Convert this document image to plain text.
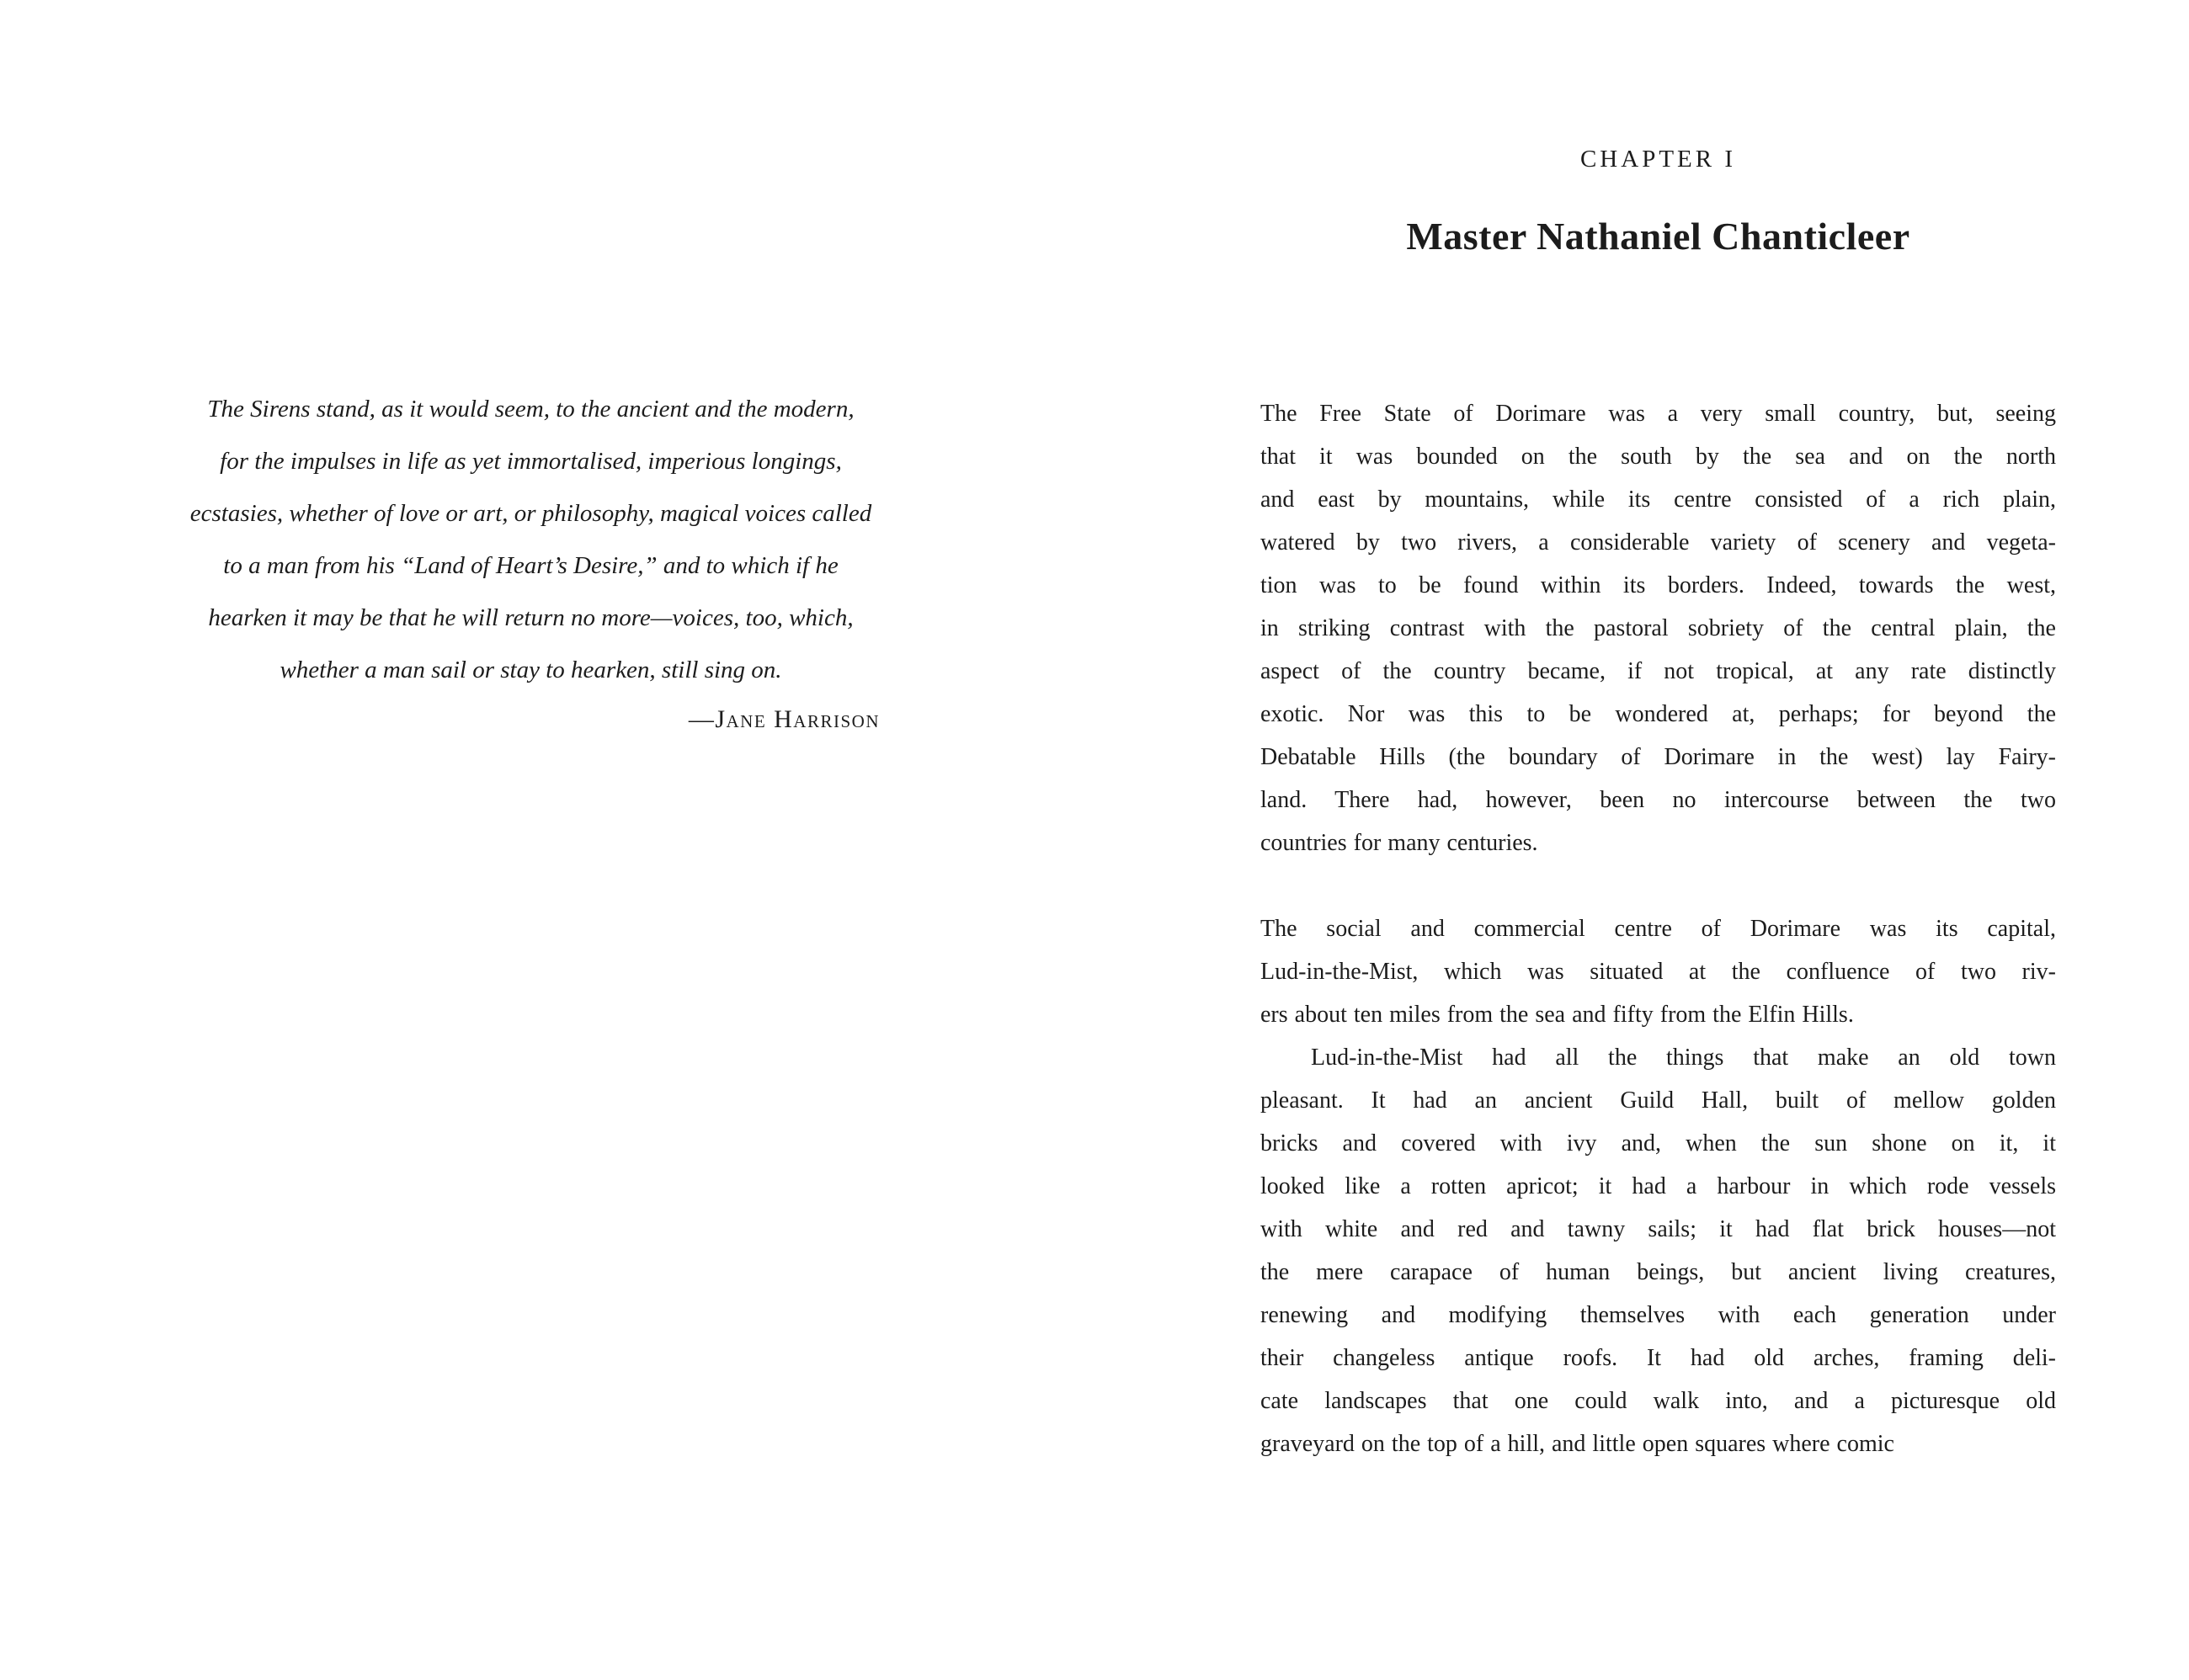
The Sirens stand, as it would seem, to the ancient and the modern,
for the impulses in life as yet immortalised, imperious longings,
ecstasies, whether of love or art, or philosophy, magical voices called
to a man from his “Land of Heart’s Desire,” and to which if he
hearken it may be that he will return no more—voices, too, which,
whether a man sail or stay to hearken, still sing on.
—Jane Harrison
CHAPTER I
Master Nathaniel Chanticleer
The Free State of Dorimare was a very small country, but, seeing
that it was bounded on the south by the sea and on the north
and east by mountains, while its centre consisted of a rich plain,
watered by two rivers, a considerable variety of scenery and vegeta-
tion was to be found within its borders. Indeed, towards the west,
in striking contrast with the pastoral sobriety of the central plain, the
aspect of the country became, if not tropical, at any rate distinctly
exotic. Nor was this to be wondered at, perhaps; for beyond the
Debatable Hills (the boundary of Dorimare in the west) lay Fairy-
land. There had, however, been no intercourse between the two
countries for many centuries.
The social and commercial centre of Dorimare was its capital,
Lud-in-the-Mist, which was situated at the confluence of two riv-
ers about ten miles from the sea and fifty from the Elfin Hills.
Lud-in-the-Mist had all the things that make an old town
pleasant. It had an ancient Guild Hall, built of mellow golden
bricks and covered with ivy and, when the sun shone on it, it
looked like a rotten apricot; it had a harbour in which rode vessels
with white and red and tawny sails; it had flat brick houses—not
the mere carapace of human beings, but ancient living creatures,
renewing and modifying themselves with each generation under
their changeless antique roofs. It had old arches, framing deli-
cate landscapes that one could walk into, and a picturesque old
graveyard on the top of a hill, and little open squares where comic
